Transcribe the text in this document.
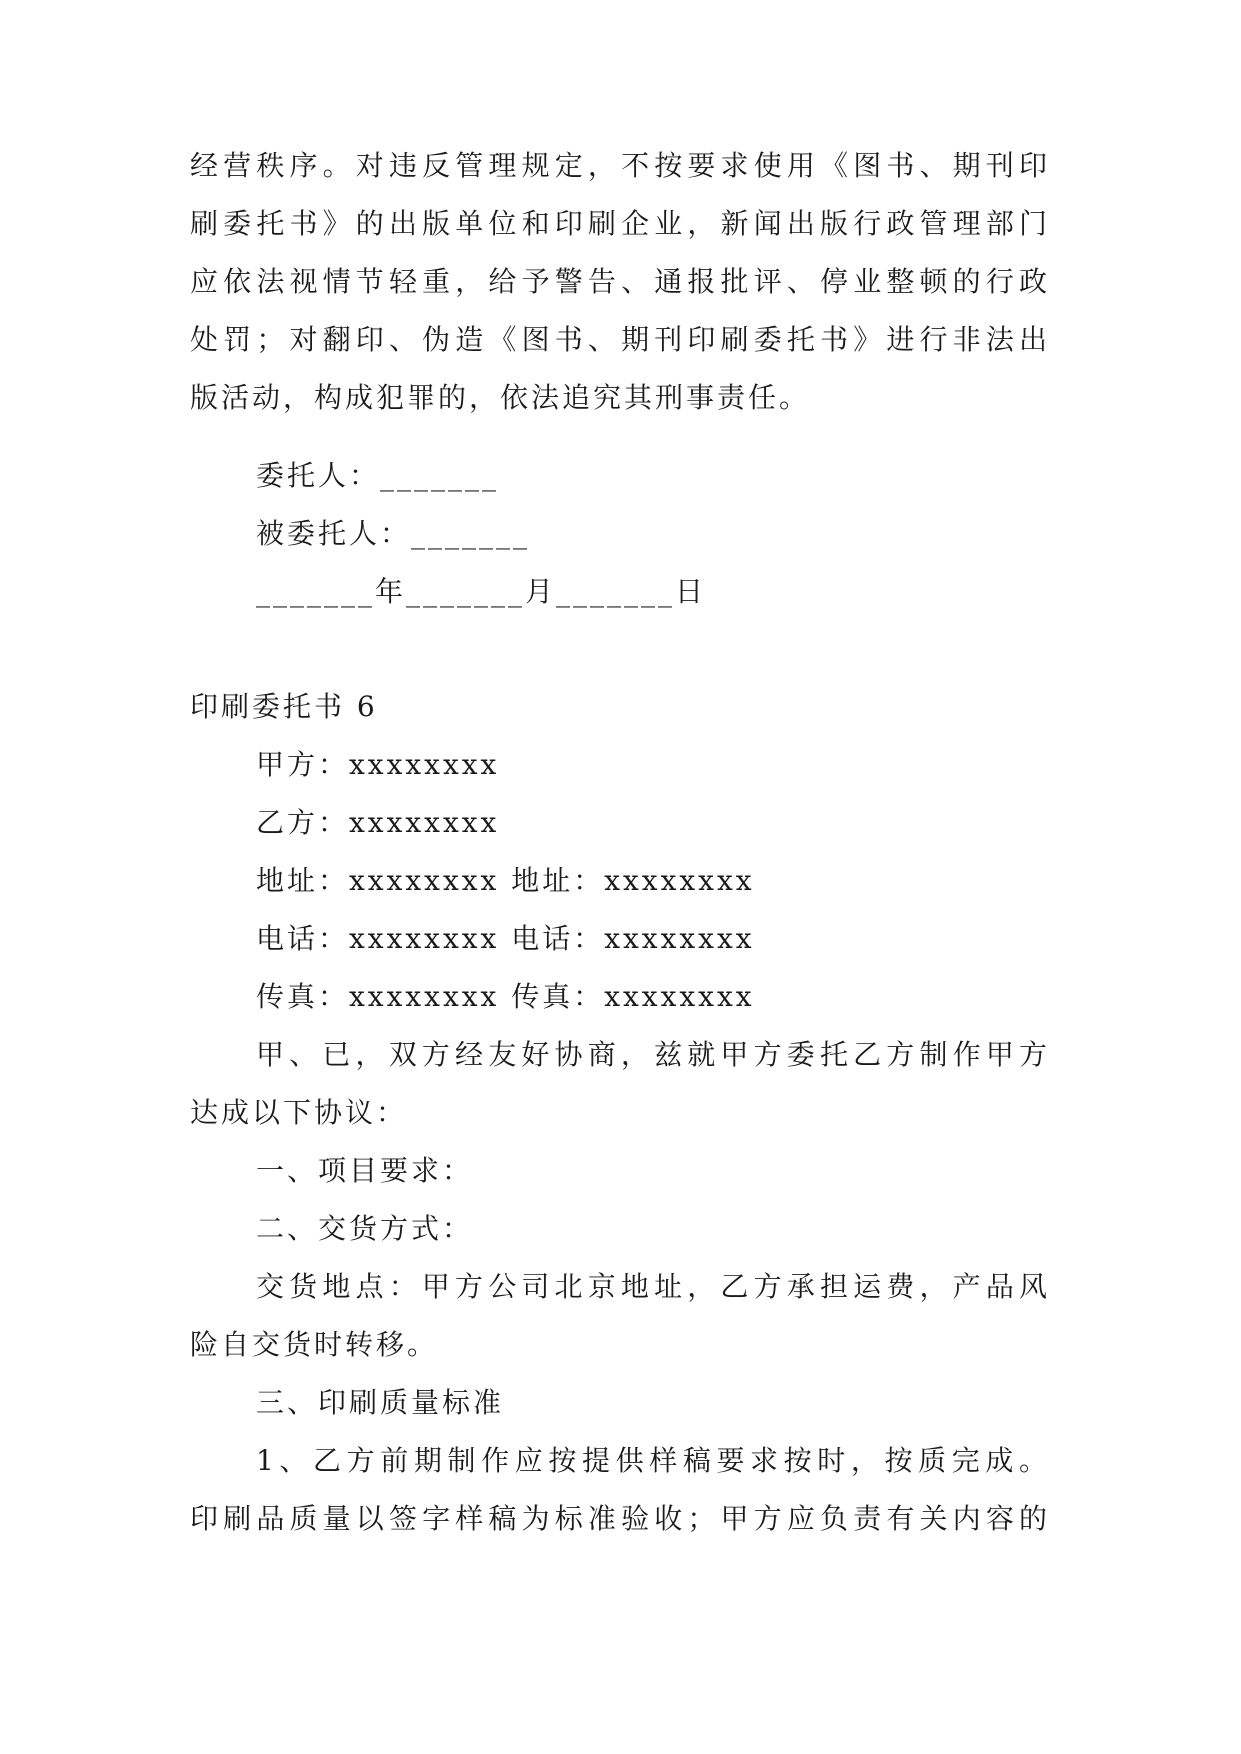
经营秩序。对违反管理规定，不按要求使用《图书、期刊印
刷委托书》的出版单位和印刷企业，新闻出版行政管理部门
应依法视情节轻重，给予警告、通报批评、停业整顿的行政
处罚；对翻印、伪造《图书、期刊印刷委托书》进行非法出
版活动，构成犯罪的，依法追究其刑事责任。
委托人：_______
被委托人：_______
_______年_______月_______日
印刷委托书 6
甲方：xxxxxxxx
乙方：xxxxxxxx
地址：xxxxxxxx 地址：xxxxxxxx
电话：xxxxxxxx 电话：xxxxxxxx
传真：xxxxxxxx 传真：xxxxxxxx
甲、已，双方经友好协商，兹就甲方委托乙方制作甲方
达成以下协议：
一、项目要求：
二、交货方式：
交货地点：甲方公司北京地址，乙方承担运费，产品风
险自交货时转移。
三、印刷质量标准
1、乙方前期制作应按提供样稿要求按时，按质完成。
印刷品质量以签字样稿为标准验收；甲方应负责有关内容的
